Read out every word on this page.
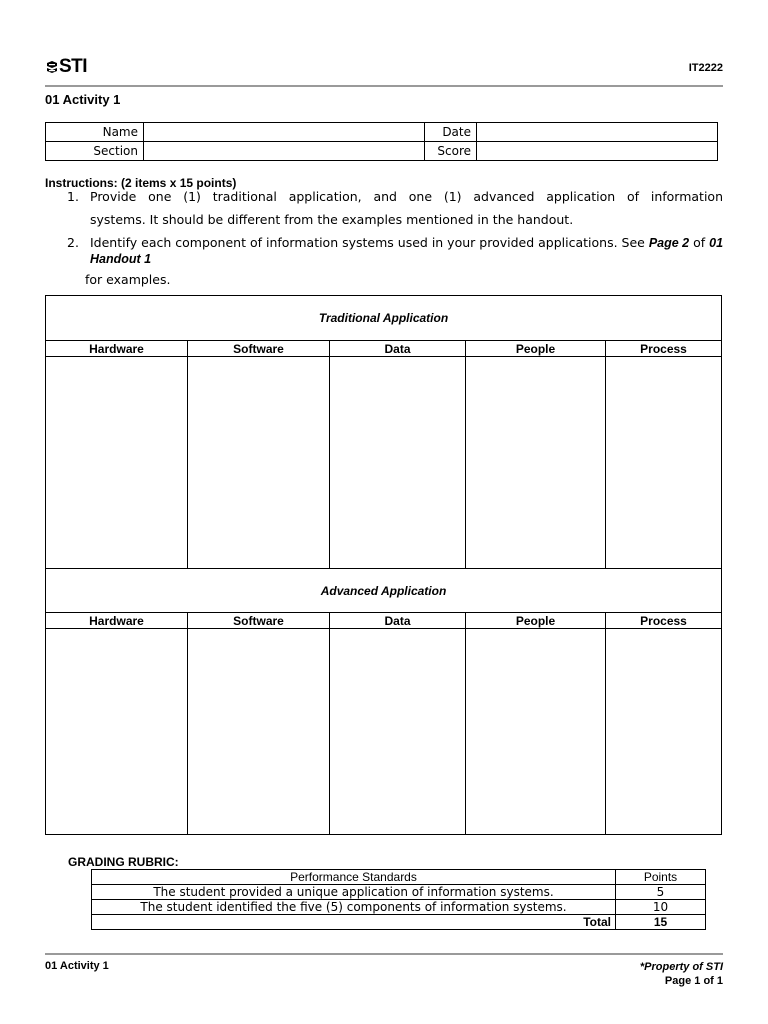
STI	IT2222
01 Activity 1
Name		Date	
Section		Score	
Instructions: (2 items x 15 points)
1. Provide one (1) traditional application, and one (1) advanced application of information
systems. It should be different from the examples mentioned in the handout.
2. Identify each component of information systems used in your provided applications. See Page 2 of 01
Handout 1
for examples.
Traditional Application				
Hardware	Software	Data	People	Process

Advanced Application				
Hardware	Software	Data	People	Process

GRADING RUBRIC:
Performance Standards	Points
The student provided a unique application of information systems.	5
The student identified the five (5) components of information systems.	10
Total	15
01 Activity 1	*Property of STI
Page 1 of 1
